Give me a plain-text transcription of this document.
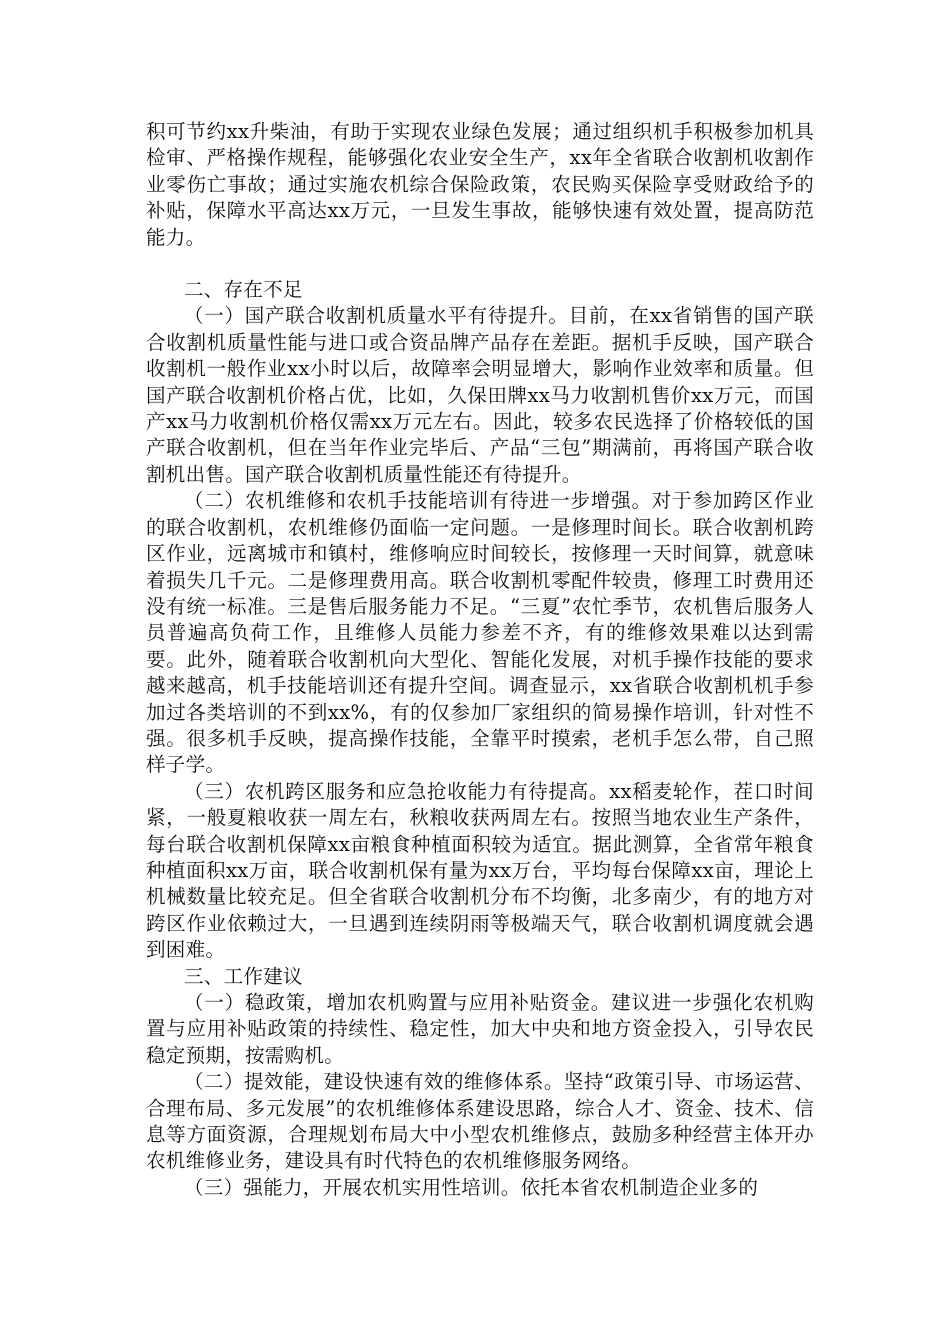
积可节约xx升柴油，有助于实现农业绿色发展；通过组织机手积极参加机具检审、严格操作规程，能够强化农业安全生产，xx年全省联合收割机收割作业零伤亡事故；通过实施农机综合保险政策，农民购买保险享受财政给予的补贴，保障水平高达xx万元，一旦发生事故，能够快速有效处置，提高防范能力。

二、存在不足

（一）国产联合收割机质量水平有待提升。目前，在xx省销售的国产联合收割机质量性能与进口或合资品牌产品存在差距。据机手反映，国产联合收割机一般作业xx小时以后，故障率会明显增大，影响作业效率和质量。但国产联合收割机价格占优，比如，久保田牌xx马力收割机售价xx万元，而国产xx马力收割机价格仅需xx万元左右。因此，较多农民选择了价格较低的国产联合收割机，但在当年作业完毕后、产品“三包”期满前，再将国产联合收割机出售。国产联合收割机质量性能还有待提升。

（二）农机维修和农机手技能培训有待进一步增强。对于参加跨区作业的联合收割机，农机维修仍面临一定问题。一是修理时间长。联合收割机跨区作业，远离城市和镇村，维修响应时间较长，按修理一天时间算，就意味着损失几千元。二是修理费用高。联合收割机零配件较贵，修理工时费用还没有统一标准。三是售后服务能力不足。“三夏”农忙季节，农机售后服务人员普遍高负荷工作，且维修人员能力参差不齐，有的维修效果难以达到需要。此外，随着联合收割机向大型化、智能化发展，对机手操作技能的要求越来越高，机手技能培训还有提升空间。调查显示，xx省联合收割机机手参加过各类培训的不到xx%，有的仅参加厂家组织的简易操作培训，针对性不强。很多机手反映，提高操作技能，全靠平时摸索，老机手怎么带，自己照样子学。

（三）农机跨区服务和应急抢收能力有待提高。xx稻麦轮作，茬口时间紧，一般夏粮收获一周左右，秋粮收获两周左右。按照当地农业生产条件，每台联合收割机保障xx亩粮食种植面积较为适宜。据此测算，全省常年粮食种植面积xx万亩，联合收割机保有量为xx万台，平均每台保障xx亩，理论上机械数量比较充足。但全省联合收割机分布不均衡，北多南少，有的地方对跨区作业依赖过大，一旦遇到连续阴雨等极端天气，联合收割机调度就会遇到困难。

三、工作建议

（一）稳政策，增加农机购置与应用补贴资金。建议进一步强化农机购置与应用补贴政策的持续性、稳定性，加大中央和地方资金投入，引导农民稳定预期，按需购机。

（二）提效能，建设快速有效的维修体系。坚持“政策引导、市场运营、合理布局、多元发展”的农机维修体系建设思路，综合人才、资金、技术、信息等方面资源，合理规划布局大中小型农机维修点，鼓励多种经营主体开办农机维修业务，建设具有时代特色的农机维修服务网络。

（三）强能力，开展农机实用性培训。依托本省农机制造企业多的
